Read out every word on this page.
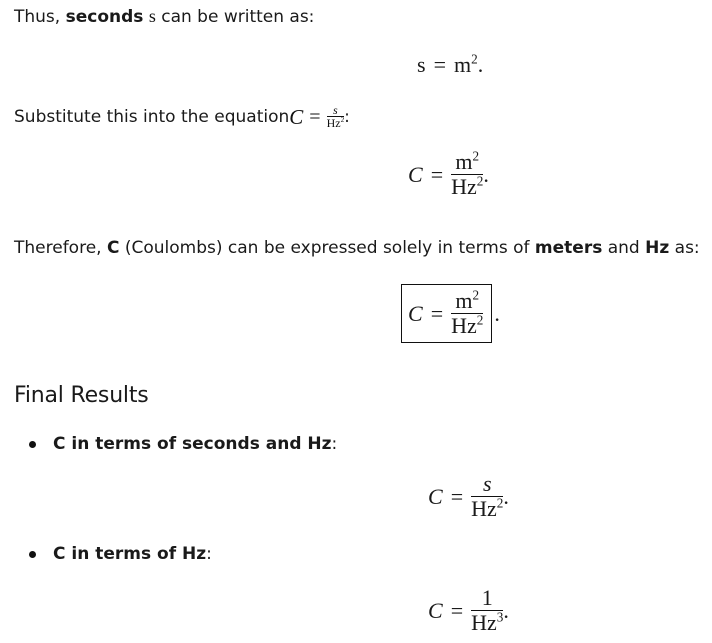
Thus, seconds s can be written as:
$s = m^2$ .
Substitute this into the equation $C = \frac{s}{Hz^2}$ :
$C = \frac{m^2}{Hz^2}$ .
Therefore, C (Coulombs) can be expressed solely in terms of meters and Hz as:
$C = \frac{m^2}{Hz^2}$ .
Final Results
C in terms of seconds and Hz :
$C = \frac{s}{Hz^2}$ .
C in terms of Hz :
$C = \frac{1}{Hz^3}$ .
